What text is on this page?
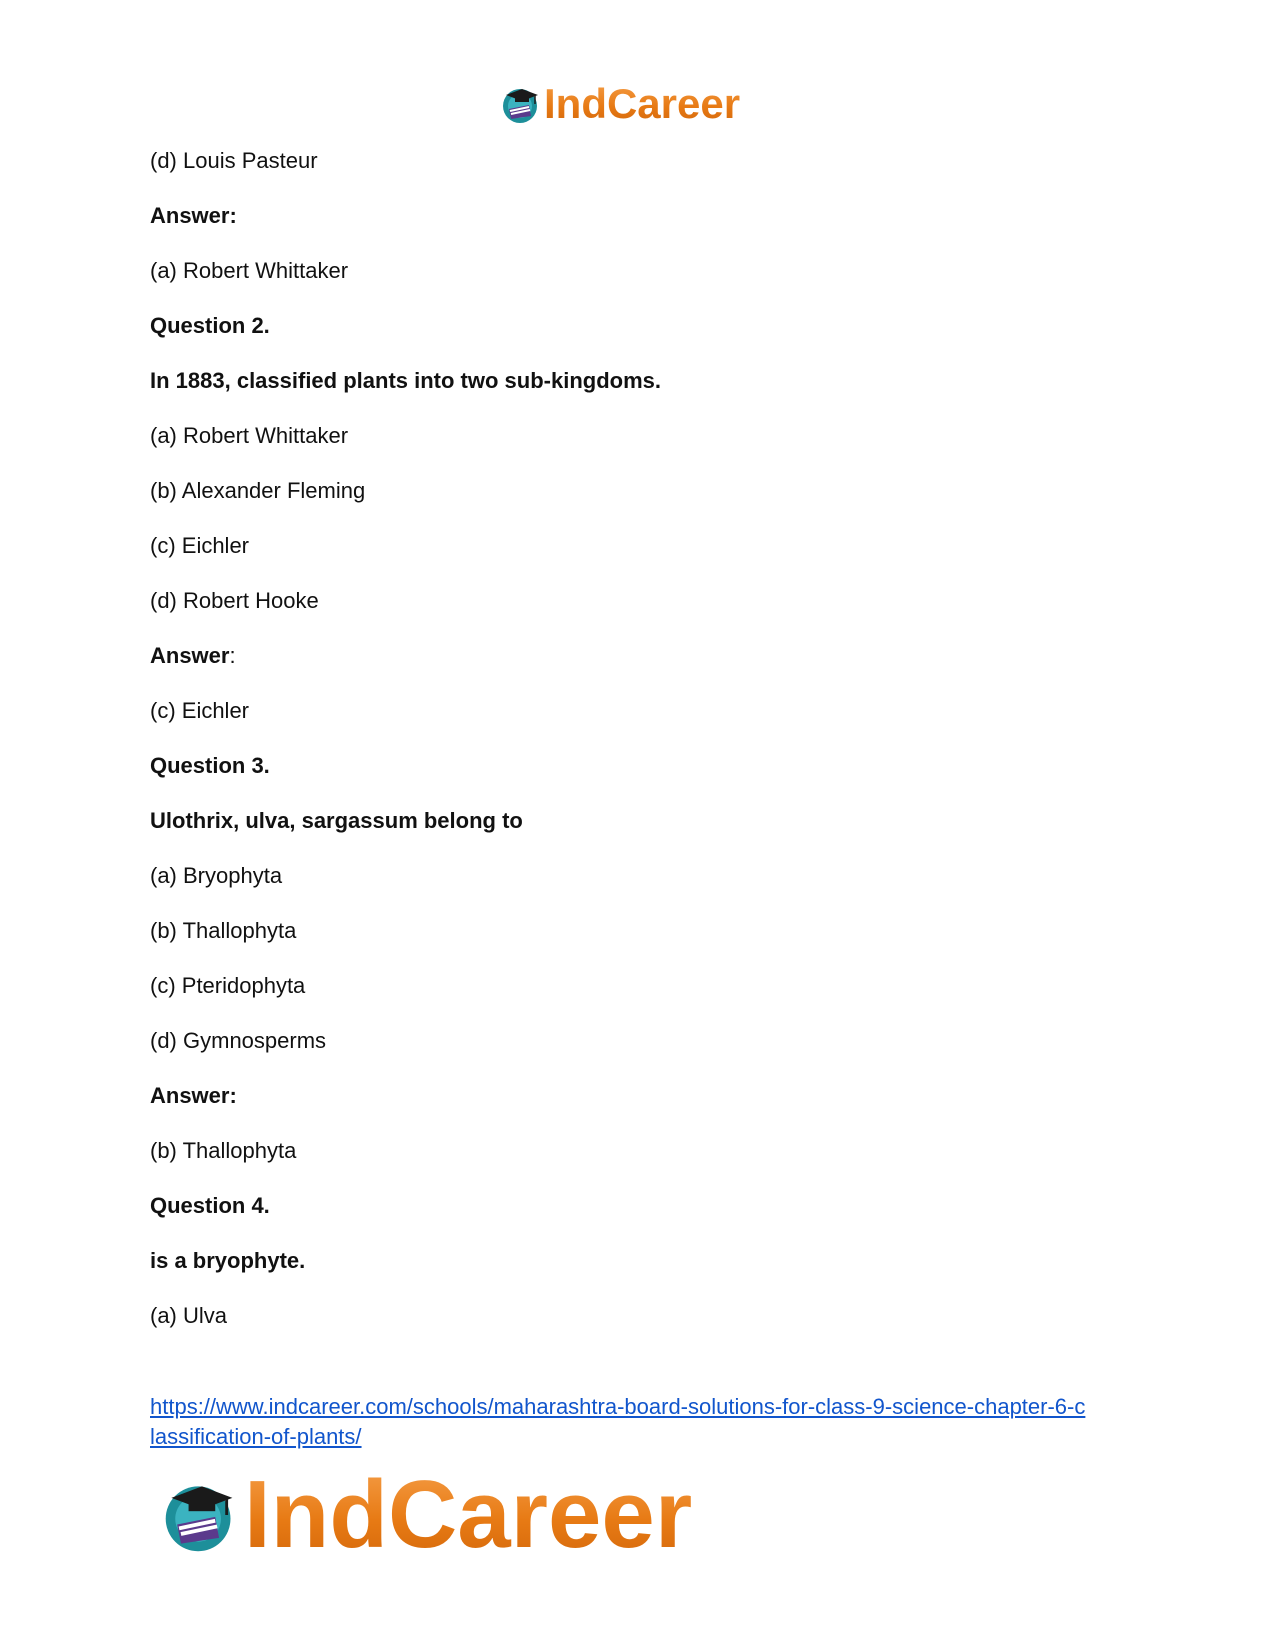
IndCareer

(d) Louis Pasteur

Answer:

(a) Robert Whittaker

Question 2.

In 1883, classified plants into two sub-kingdoms.

(a) Robert Whittaker

(b) Alexander Fleming

(c) Eichler

(d) Robert Hooke

Answer:

(c) Eichler

Question 3.

Ulothrix, ulva, sargassum belong to

(a) Bryophyta

(b) Thallophyta

(c) Pteridophyta

(d) Gymnosperms

Answer:

(b) Thallophyta

Question 4.

is a bryophyte.

(a) Ulva

https://www.indcareer.com/schools/maharashtra-board-solutions-for-class-9-science-chapter-6-c
lassification-of-plants/
IndCareer
